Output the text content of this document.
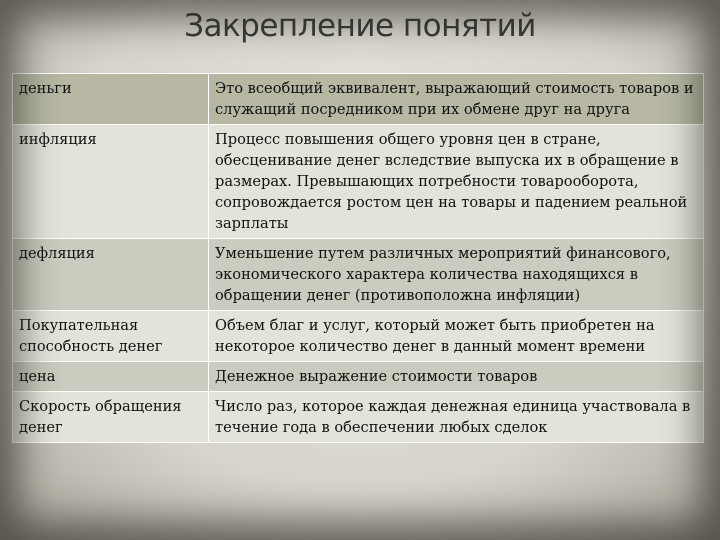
Закрепление понятий
деньги	Это всеобщий эквивалент, выражающий стоимость товаров и служащий посредником при их обмене друг на друга
инфляция	Процесс повышения общего уровня цен в стране, обесценивание денег вследствие выпуска их в обращение в размерах. Превышающих потребности товарооборота, сопровождается ростом цен на товары и падением реальной зарплаты
дефляция	Уменьшение путем различных мероприятий финансового, экономического характера количества находящихся в обращении денег (противоположна инфляции)
Покупательная способность денег	Объем благ и услуг, который может быть приобретен на некоторое количество денег в данный момент времени
цена	Денежное выражение стоимости товаров
Скорость обращения денег	Число раз, которое каждая денежная единица участвовала в течение года в обеспечении любых сделок
